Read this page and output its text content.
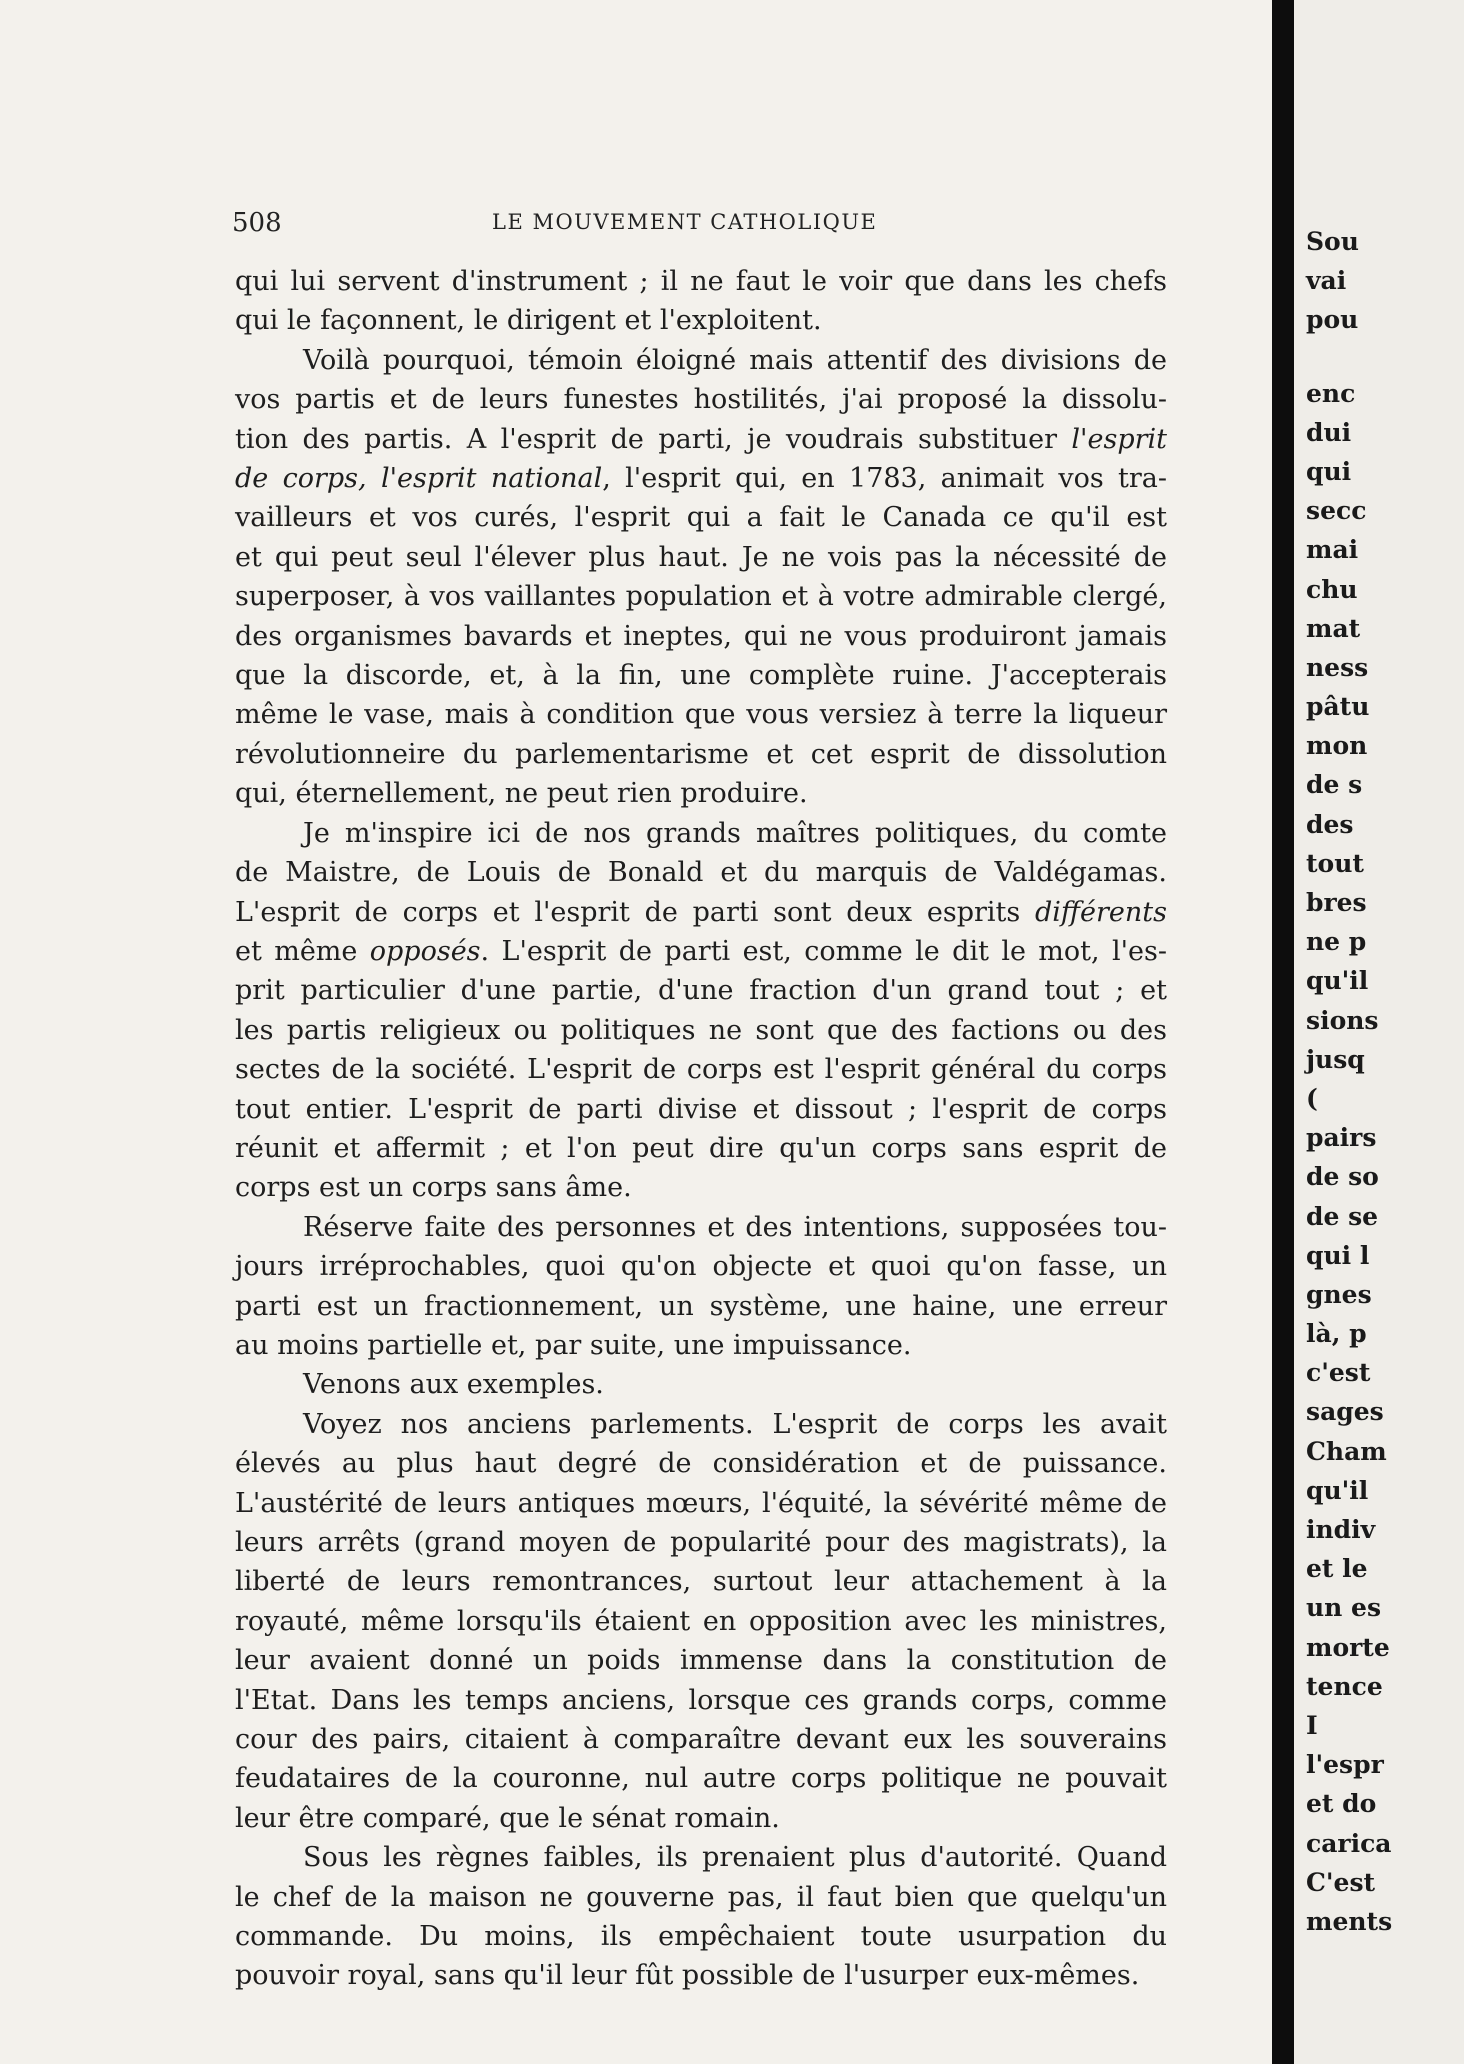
508	LE MOUVEMENT CATHOLIQUE

qui lui servent d'instrument ; il ne faut le voir que dans les chefs

qui le façonnent, le dirigent et l'exploitent.

Voilà pourquoi, témoin éloigné mais attentif des divisions de

vos partis et de leurs funestes hostilités, j'ai proposé la dissolu-

tion des partis. A l'esprit de parti, je voudrais substituer l'esprit

de corps, l'esprit national, l'esprit qui, en 1783, animait vos tra-

vailleurs et vos curés, l'esprit qui a fait le Canada ce qu'il est

et qui peut seul l'élever plus haut. Je ne vois pas la nécessité de

superposer, à vos vaillantes population et à votre admirable clergé,

des organismes bavards et ineptes, qui ne vous produiront jamais

que la discorde, et, à la fin, une complète ruine. J'accepterais

même le vase, mais à condition que vous versiez à terre la liqueur

révolutionneire du parlementarisme et cet esprit de dissolution

qui, éternellement, ne peut rien produire.

Je m'inspire ici de nos grands maîtres politiques, du comte

de Maistre, de Louis de Bonald et du marquis de Valdégamas.

L'esprit de corps et l'esprit de parti sont deux esprits différents

et même opposés. L'esprit de parti est, comme le dit le mot, l'es-

prit particulier d'une partie, d'une fraction d'un grand tout ; et

les partis religieux ou politiques ne sont que des factions ou des

sectes de la société. L'esprit de corps est l'esprit général du corps

tout entier. L'esprit de parti divise et dissout ; l'esprit de corps

réunit et affermit ; et l'on peut dire qu'un corps sans esprit de

corps est un corps sans âme.

Réserve faite des personnes et des intentions, supposées tou-

jours irréprochables, quoi qu'on objecte et quoi qu'on fasse, un

parti est un fractionnement, un système, une haine, une erreur

au moins partielle et, par suite, une impuissance.

Venons aux exemples.

Voyez nos anciens parlements. L'esprit de corps les avait

élevés au plus haut degré de considération et de puissance.

L'austérité de leurs antiques mœurs, l'équité, la sévérité même de

leurs arrêts (grand moyen de popularité pour des magistrats), la

liberté de leurs remontrances, surtout leur attachement à la

royauté, même lorsqu'ils étaient en opposition avec les ministres,

leur avaient donné un poids immense dans la constitution de

l'Etat. Dans les temps anciens, lorsque ces grands corps, comme

cour des pairs, citaient à comparaître devant eux les souverains

feudataires de la couronne, nul autre corps politique ne pouvait

leur être comparé, que le sénat romain.

Sous les règnes faibles, ils prenaient plus d'autorité. Quand

le chef de la maison ne gouverne pas, il faut bien que quelqu'un

commande. Du moins, ils empêchaient toute usurpation du

pouvoir royal, sans qu'il leur fût possible de l'usurper eux-mêmes.

Sou
vai
pou
enc
dui
qui
secc
mai
chu
mat
ness
pâtu
mon
de s
des
tout
bres
ne p
qu'il
sions
jusq
(
pairs
de so
de se
qui l
gnes
là, p
c'est
sages
Cham
qu'il
indiv
et le
un es
morte
tence
I
l'espr
et do
carica
C'est
ments
